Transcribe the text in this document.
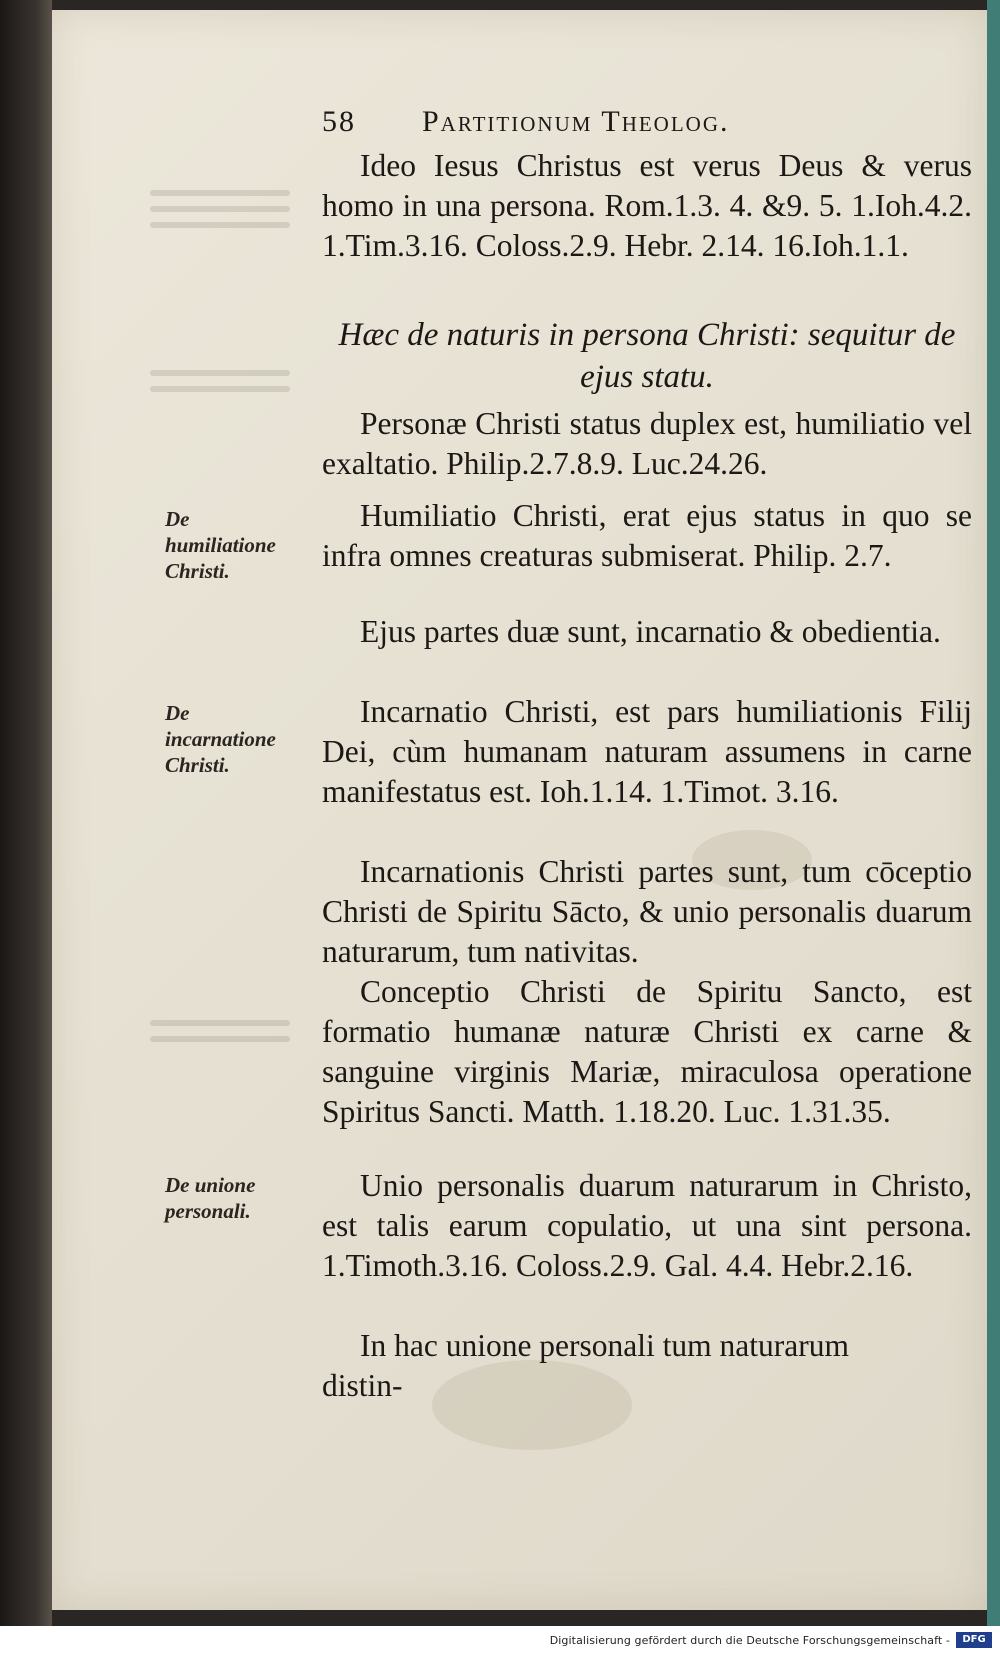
58 Partitionum Theolog.

Ideo Iesus Christus est verus Deus & verus homo in una persona. Rom.1.3. 4. &9. 5. 1.Ioh.4.2. 1.Tim.3.16. Coloss.2.9. Hebr. 2.14. 16.Ioh.1.1.

Hæc de naturis in persona Christi: sequitur de ejus statu.

Personæ Christi status duplex est, humiliatio vel exaltatio. Philip.2.7.8.9. Luc.24.26.

Humiliatio Christi, erat ejus status in quo se infra omnes creaturas submiserat. Philip. 2.7.

De humiliatione Christi.

Ejus partes duæ sunt, incarnatio & obedientia.

Incarnatio Christi, est pars humiliationis Filij Dei, cùm humanam naturam assumens in carne manifestatus est. Ioh.1.14. 1.Timot. 3.16.

De incarnatione Christi.

Incarnationis Christi partes sunt, tum cōceptio Christi de Spiritu Sācto, & unio personalis duarum naturarum, tum nativitas.

Conceptio Christi de Spiritu Sancto, est formatio humanæ naturæ Christi ex carne & sanguine virginis Mariæ, miraculosa operatione Spiritus Sancti. Matth. 1.18.20. Luc. 1.31.35.

Unio personalis duarum naturarum in Christo, est talis earum copulatio, ut una sint persona. 1.Timoth.3.16. Coloss.2.9. Gal. 4.4. Hebr.2.16.

De unione personali.

In hac unione personali tum naturarum

distin-

Digitalisierung gefördert durch die Deutsche Forschungsgemeinschaft -	DFG
